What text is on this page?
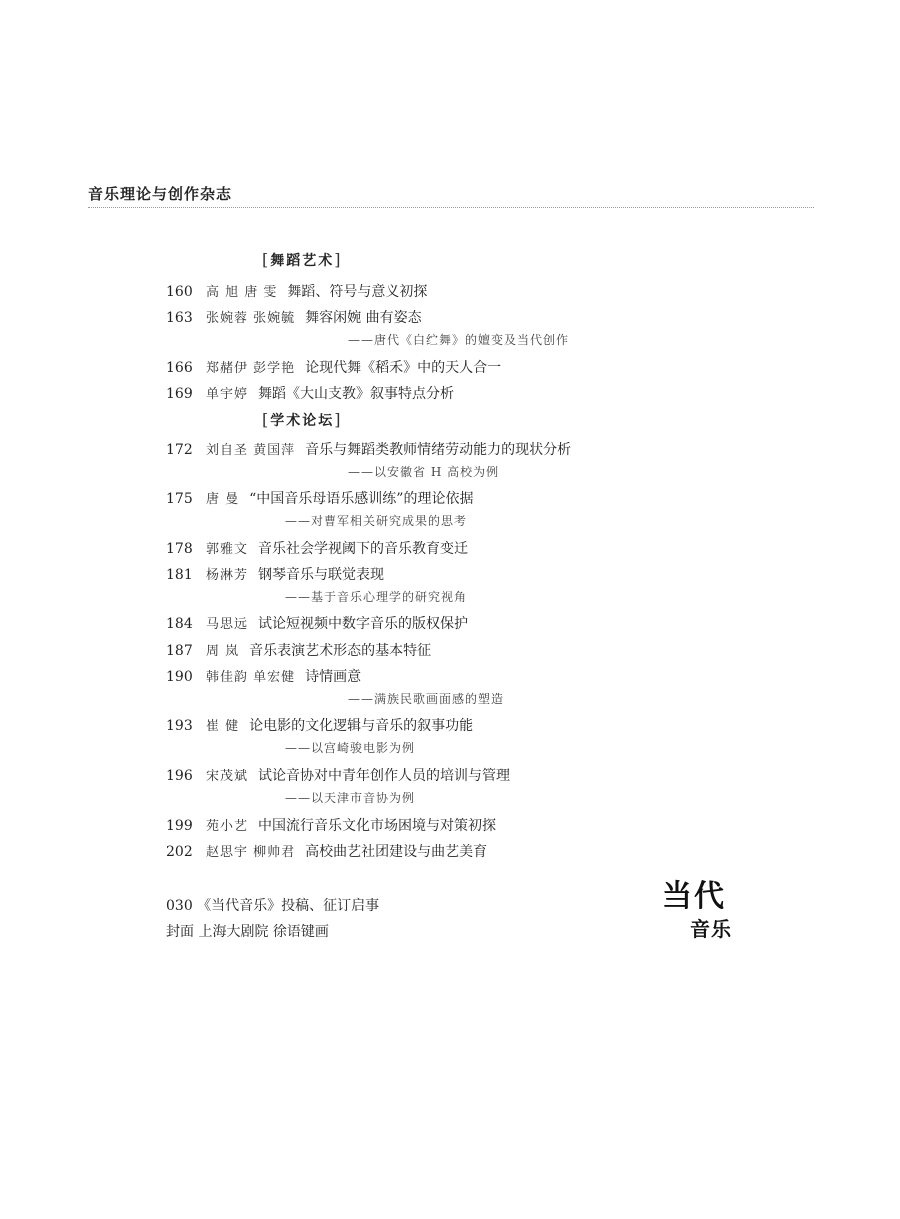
音乐理论与创作杂志
[舞蹈艺术]
160 高 旭 唐 雯 舞蹈、符号与意义初探
163 张婉蓉 张婉毓 舞容闲婉 曲有姿态
——唐代《白纻舞》的嬗变及当代创作
166 郑赭伊 彭学艳 论现代舞《稻禾》中的天人合一
169 单宇婷 舞蹈《大山支教》叙事特点分析
[学术论坛]
172 刘自圣 黄国萍 音乐与舞蹈类教师情绪劳动能力的现状分析
——以安徽省 H 高校为例
175 唐 曼 “中国音乐母语乐感训练”的理论依据
——对曹军相关研究成果的思考
178 郭雅文 音乐社会学视阈下的音乐教育变迁
181 杨淋芳 钢琴音乐与联觉表现
——基于音乐心理学的研究视角
184 马思远 试论短视频中数字音乐的版权保护
187 周 岚 音乐表演艺术形态的基本特征
190 韩佳韵 单宏健 诗情画意
——满族民歌画面感的塑造
193 崔 健 论电影的文化逻辑与音乐的叙事功能
——以宫崎骏电影为例
196 宋茂斌 试论音协对中青年创作人员的培训与管理
——以天津市音协为例
199 苑小艺 中国流行音乐文化市场困境与对策初探
202 赵思宇 柳帅君 高校曲艺社团建设与曲艺美育
030 《当代音乐》投稿、征订启事
封面 上海大剧院 徐语键画
当代
音乐
